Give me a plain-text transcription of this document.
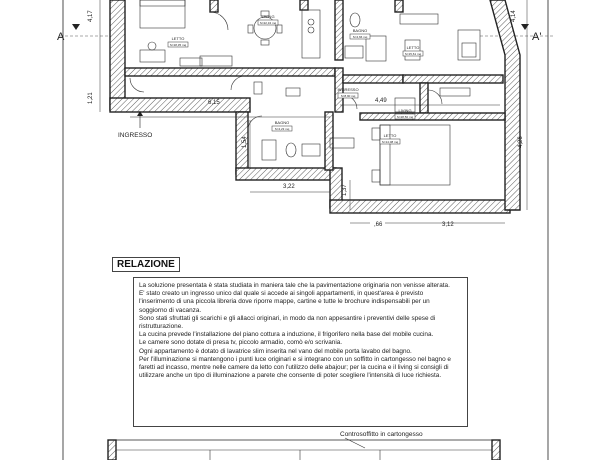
A	A'
LETTO
S=18,35 mq
LIVING
S=22,34 mq
BAGNO
S=4,66 mq
LETTO
S=15,61 mq
INGRESSO
S=8,90 mq
LIVING
S=28,50 mq
BAGNO
S=4,23 mq
LETTO
S=14,08 mq
4,17
1,21	6,15	4,49
1,54
3,22	1,37
,66	3,12
4,14
4,26
INGRESSO
Controsoffitto in cartongesso
RELAZIONE

La soluzione presentata è stata studiata in maniera tale che la pavimentazione originaria non venisse alterata.

E' stato creato un ingresso unico dal quale si accede ai singoli appartamenti, in quest'area è previsto

l'inserimento di una piccola libreria dove riporre mappe, cartine e tutte le brochure indispensabili per un

soggiorno di vacanza.

Sono stati sfruttati gli scarichi e gli allacci originari, in modo da non appesantire i preventivi delle spese di

ristrutturazione.

La cucina prevede l'installazione del piano cottura a induzione, il frigorifero nella base del mobile cucina.

Le camere sono dotate di presa tv, piccolo armadio, comò e/o scrivania.

Ogni appartamento è dotato di lavatrice slim inserita nel vano del mobile porta lavabo del bagno.

Per l'illuminazione si mantengono i punti luce originari e si integrano con un soffitto in cartongesso nel bagno e

faretti ad incasso, mentre nelle camere da letto con l'utilizzo delle abajour; per la cucina e il living si consigli di

utilizzare anche un tipo di illuminazione a parete che consente di poter scegliere l'intensità di luce richiesta.
